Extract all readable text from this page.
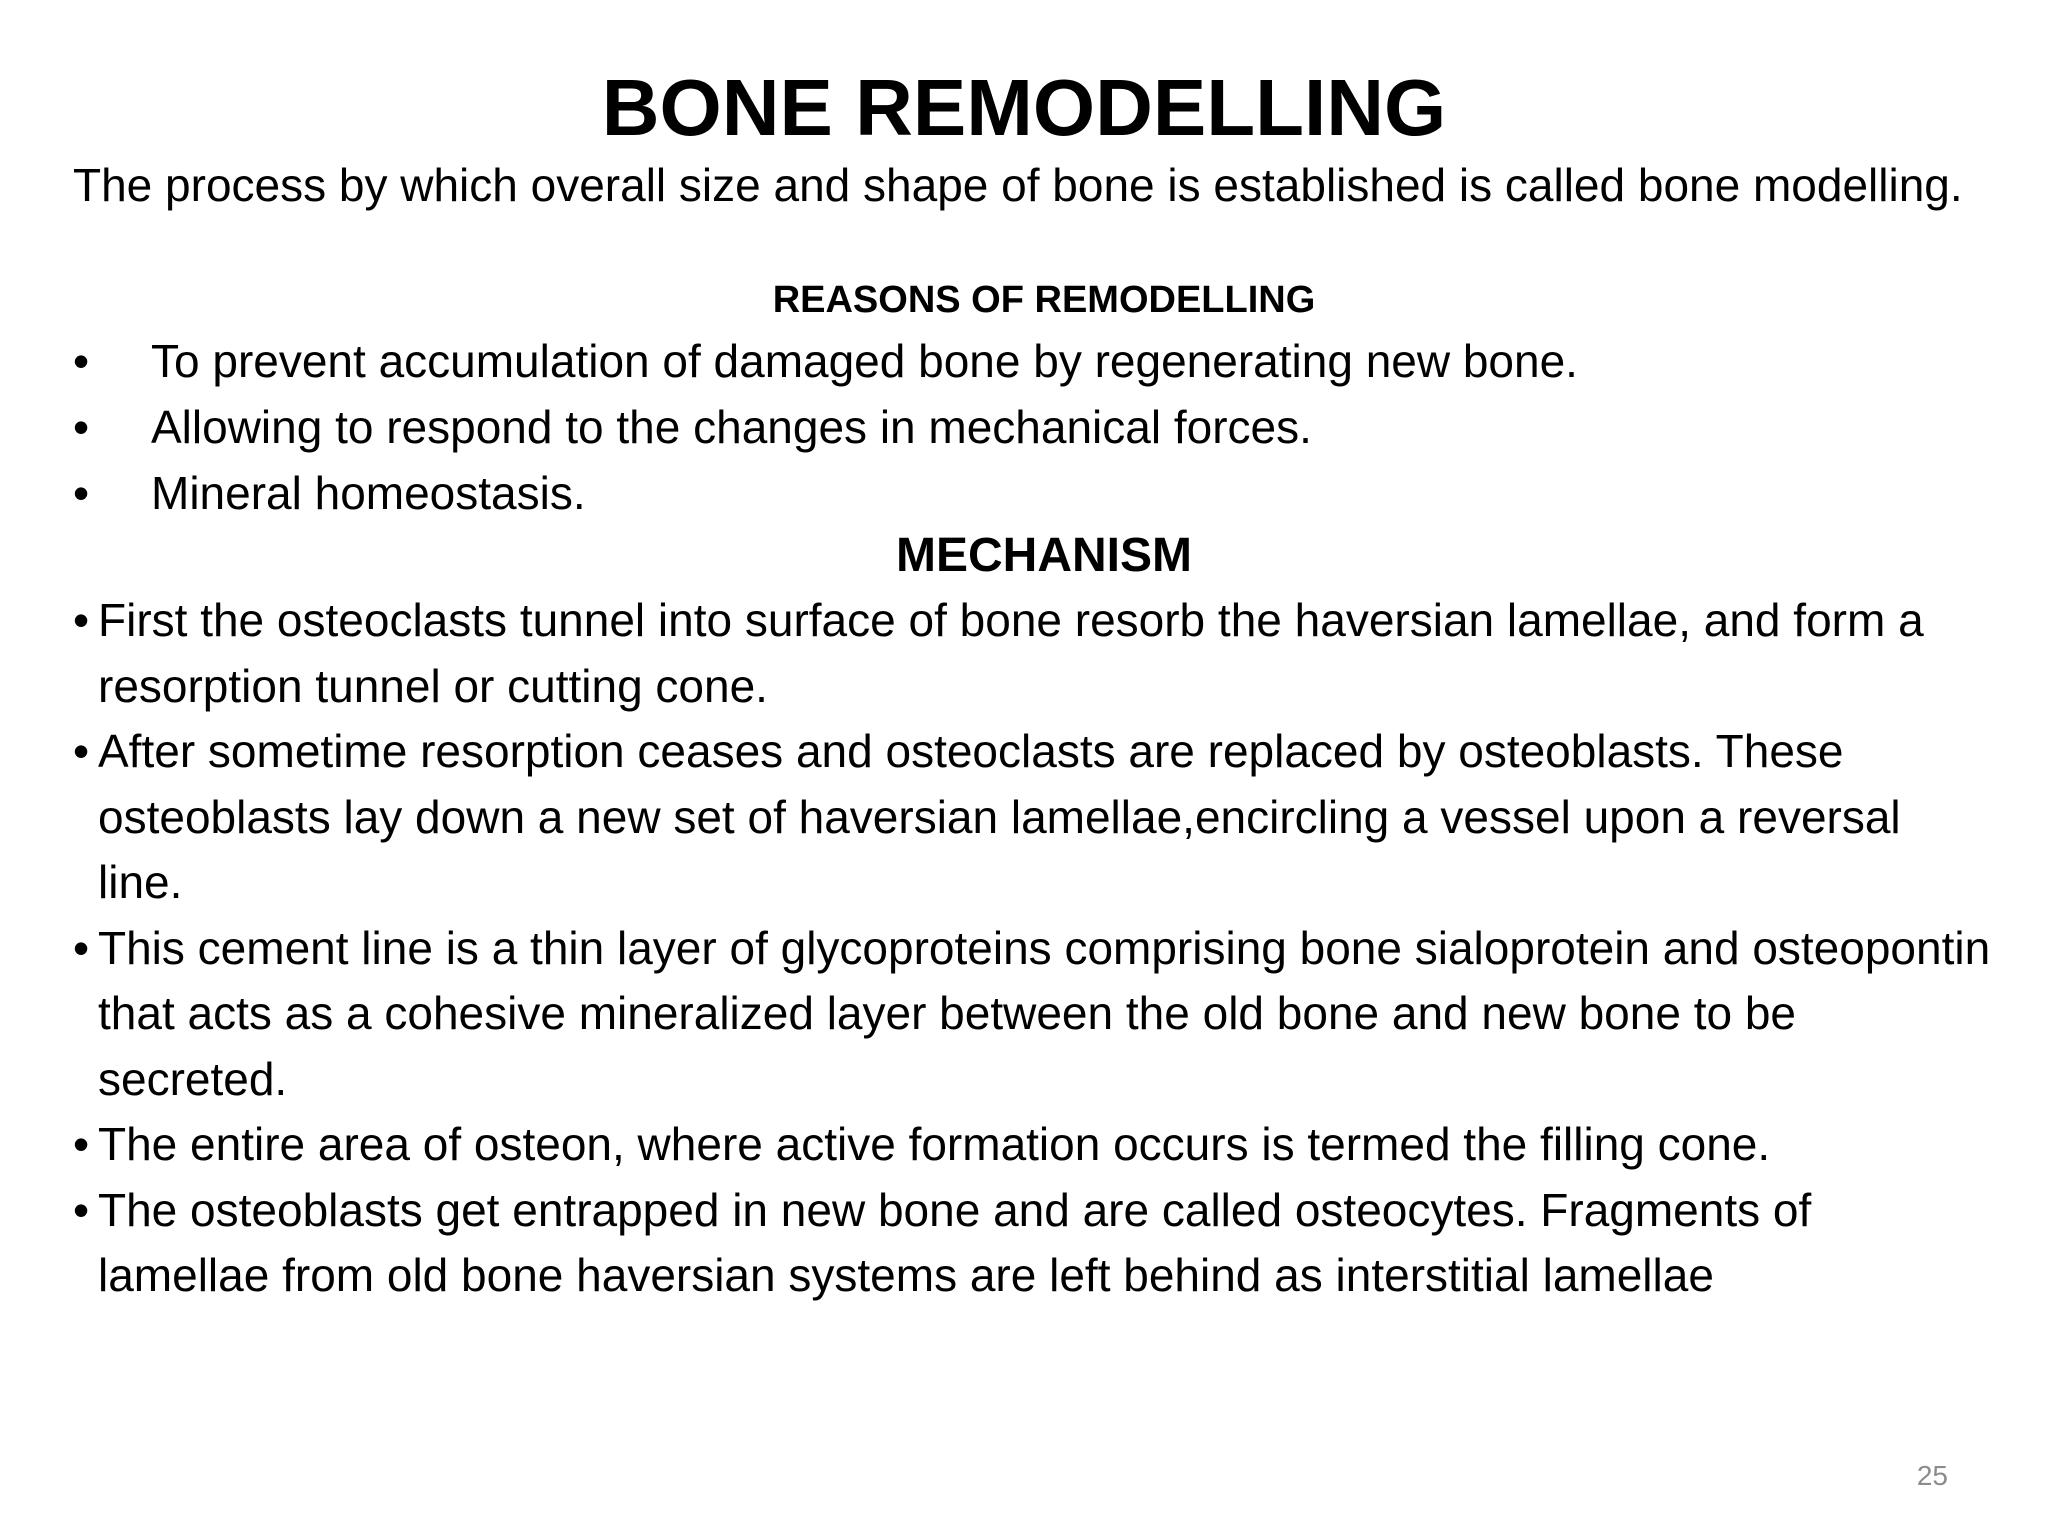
BONE REMODELLING
The process by which overall size and shape of bone is established is called bone modelling.
REASONS OF REMODELLING
• To prevent accumulation of damaged bone by regenerating new bone.
• Allowing to respond to the changes in mechanical forces.
• Mineral homeostasis.
MECHANISM
• First the osteoclasts tunnel into surface of bone resorb the haversian lamellae, and form a resorption tunnel or cutting cone.
• After sometime resorption ceases and osteoclasts are replaced by osteoblasts. These osteoblasts lay down a new set of haversian lamellae,encircling a vessel upon a reversal line.
• This cement line is a thin layer of glycoproteins comprising bone sialoprotein and osteopontin that acts as a cohesive mineralized layer between the old bone and new bone to be secreted.
• The entire area of osteon, where active formation occurs is termed the filling cone.
• The osteoblasts get entrapped in new bone and are called osteocytes. Fragments of lamellae from old bone haversian systems are left behind as interstitial lamellae
25
